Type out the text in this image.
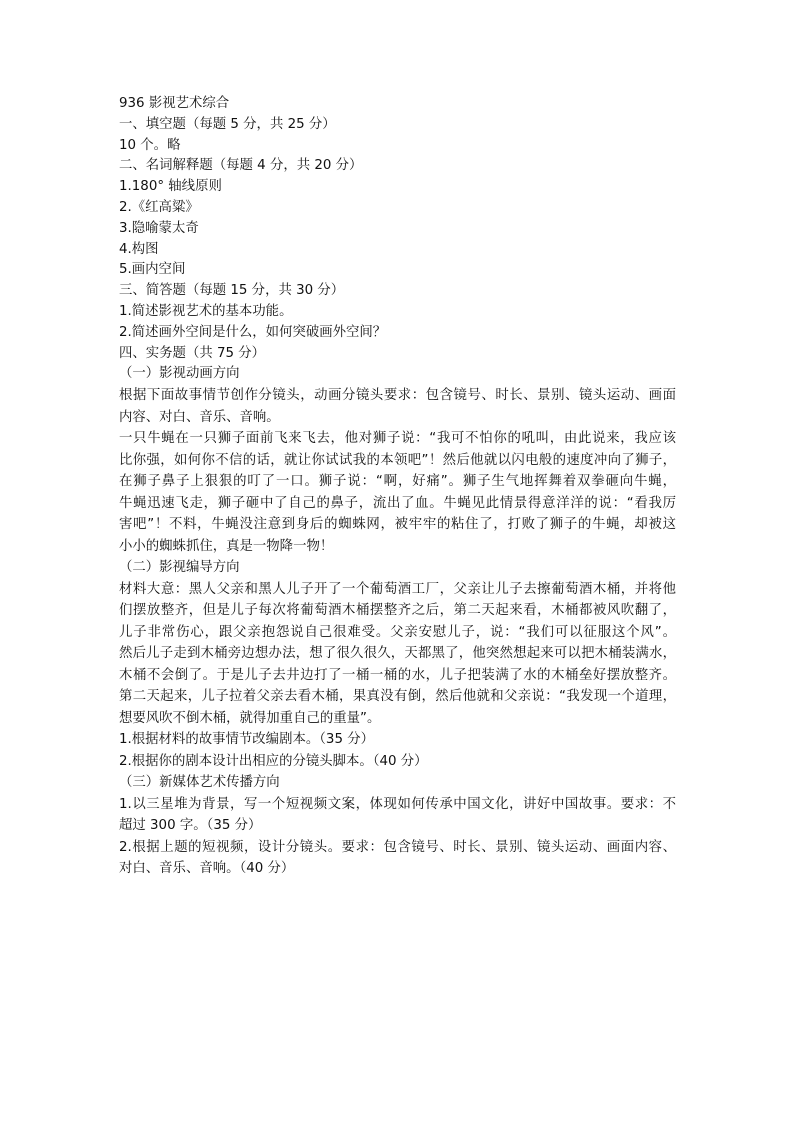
936 影视艺术综合
一、填空题（每题 5 分，共 25 分）
10 个。略
二、名词解释题（每题 4 分，共 20 分）
1.180° 轴线原则
2.《红高粱》
3.隐喻蒙太奇
4.构图
5.画内空间
三、简答题（每题 15 分，共 30 分）
1.简述影视艺术的基本功能。
2.简述画外空间是什么，如何突破画外空间？
四、实务题（共 75 分）
（一）影视动画方向
根据下面故事情节创作分镜头，动画分镜头要求：包含镜号、时长、景别、镜头运动、画面
内容、对白、音乐、音响。
一只牛蝇在一只狮子面前飞来飞去，他对狮子说：“我可不怕你的吼叫，由此说来，我应该
比你强，如何你不信的话，就让你试试我的本领吧”！然后他就以闪电般的速度冲向了狮子，
在狮子鼻子上狠狠的叮了一口。狮子说：“啊，好痛”。狮子生气地挥舞着双拳砸向牛蝇，
牛蝇迅速飞走，狮子砸中了自己的鼻子，流出了血。牛蝇见此情景得意洋洋的说：“看我厉
害吧”！不料，牛蝇没注意到身后的蜘蛛网，被牢牢的粘住了，打败了狮子的牛蝇，却被这
小小的蜘蛛抓住，真是一物降一物！
（二）影视编导方向
材料大意：黑人父亲和黑人儿子开了一个葡萄酒工厂，父亲让儿子去擦葡萄酒木桶，并将他
们摆放整齐，但是儿子每次将葡萄酒木桶摆整齐之后，第二天起来看，木桶都被风吹翻了，
儿子非常伤心，跟父亲抱怨说自己很难受。父亲安慰儿子，说：“我们可以征服这个风”。
然后儿子走到木桶旁边想办法，想了很久很久，天都黑了，他突然想起来可以把木桶装满水，
木桶不会倒了。于是儿子去井边打了一桶一桶的水，儿子把装满了水的木桶垒好摆放整齐。
第二天起来，儿子拉着父亲去看木桶，果真没有倒，然后他就和父亲说：“我发现一个道理，
想要风吹不倒木桶，就得加重自己的重量”。
1.根据材料的故事情节改编剧本。（35 分）
2.根据你的剧本设计出相应的分镜头脚本。（40 分）
（三）新媒体艺术传播方向
1.以三星堆为背景，写一个短视频文案，体现如何传承中国文化，讲好中国故事。要求：不
超过 300 字。（35 分）
2.根据上题的短视频，设计分镜头。要求：包含镜号、时长、景别、镜头运动、画面内容、
对白、音乐、音响。（40 分）
